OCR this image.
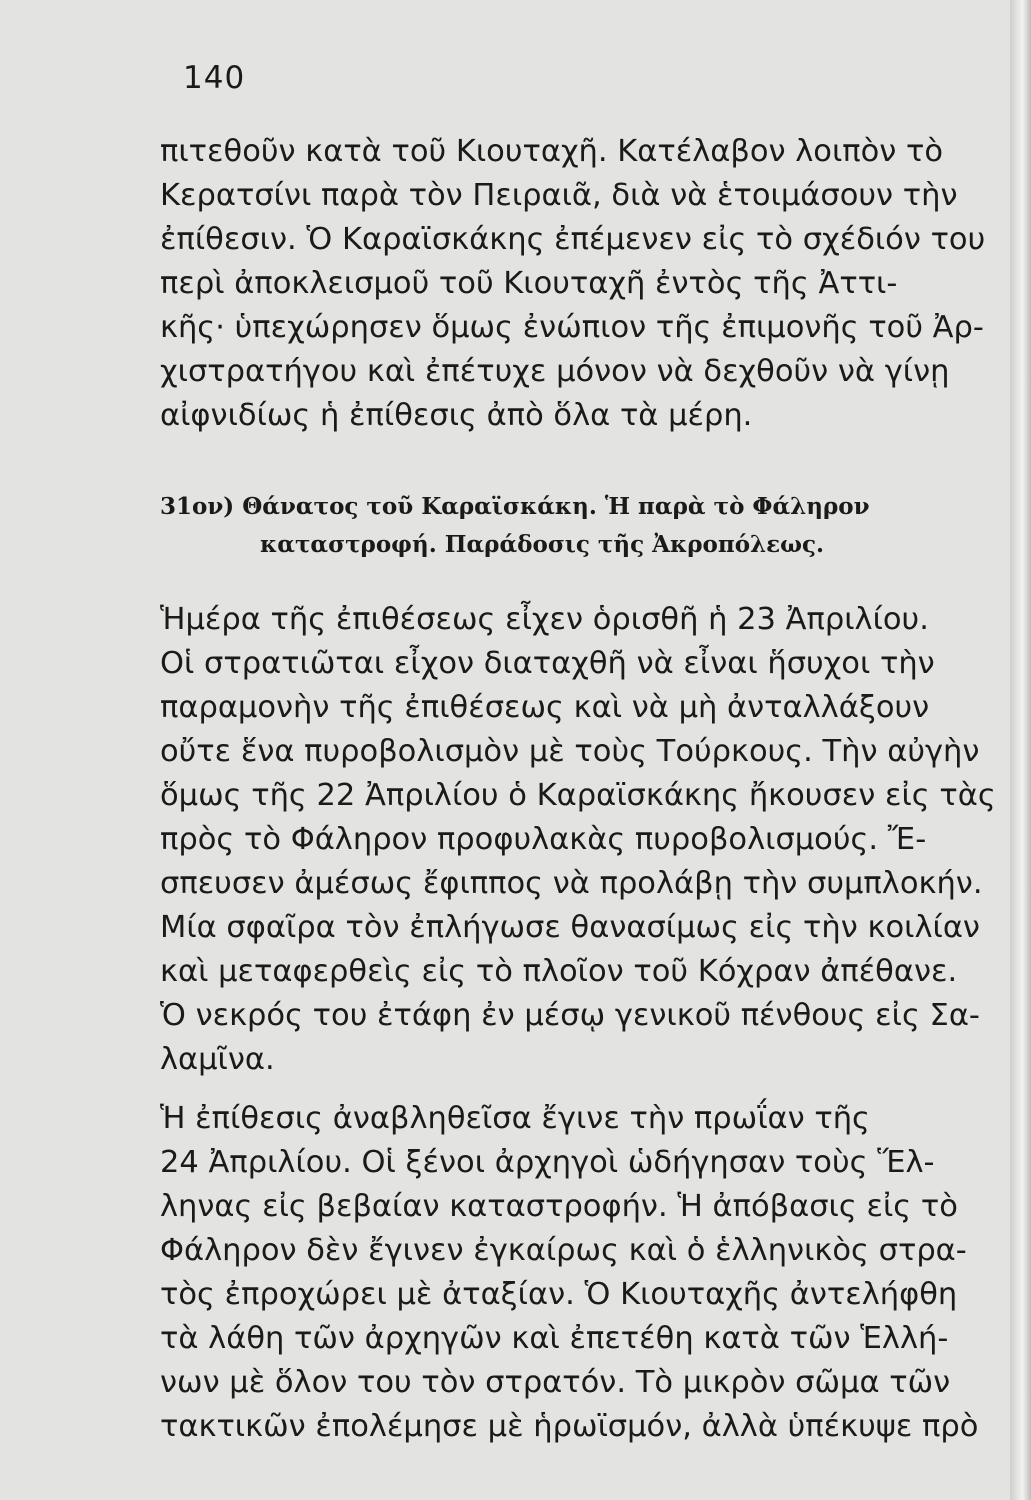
140
πιτεθοῦν κατὰ τοῦ Κιουταχῆ. Κατέλαβον λοιπὸν τὸ
Κερατσίνι παρὰ τὸν Πειραιᾶ, διὰ νὰ ἑτοιμάσουν τὴν
ἐπίθεσιν. Ὁ Καραϊσκάκης ἐπέμενεν εἰς τὸ σχέδιόν του
περὶ ἀποκλεισμοῦ τοῦ Κιουταχῆ ἐντὸς τῆς Ἀττι-
κῆς· ὑπεχώρησεν ὅμως ἐνώπιον τῆς ἐπιμονῆς τοῦ Ἀρ-
χιστρατήγου καὶ ἐπέτυχε μόνον νὰ δεχθοῦν νὰ γίνῃ
αἰφνιδίως ἡ ἐπίθεσις ἀπὸ ὅλα τὰ μέρη.
31ον) Θάνατος τοῦ Καραϊσκάκη. Ἡ παρὰ τὸ Φάληρον
καταστροφή. Παράδοσις τῆς Ἀκροπόλεως.
Ἡμέρα τῆς ἐπιθέσεως εἶχεν ὁρισθῆ ἡ 23 Ἀπριλίου.
Οἱ στρατιῶται εἶχον διαταχθῆ νὰ εἶναι ἥσυχοι τὴν
παραμονὴν τῆς ἐπιθέσεως καὶ νὰ μὴ ἀνταλλάξουν
οὔτε ἕνα πυροβολισμὸν μὲ τοὺς Τούρκους. Τὴν αὐγὴν
ὅμως τῆς 22 Ἀπριλίου ὁ Καραϊσκάκης ἤκουσεν εἰς τὰς
πρὸς τὸ Φάληρον προφυλακὰς πυροβολισμούς. Ἔ-
σπευσεν ἀμέσως ἔφιππος νὰ προλάβῃ τὴν συμπλοκήν.
Μία σφαῖρα τὸν ἐπλήγωσε θανασίμως εἰς τὴν κοιλίαν
καὶ μεταφερθεὶς εἰς τὸ πλοῖον τοῦ Κόχραν ἀπέθανε.
Ὁ νεκρός του ἐτάφη ἐν μέσῳ γενικοῦ πένθους εἰς Σα-
λαμῖνα.
Ἡ ἐπίθεσις ἀναβληθεῖσα ἔγινε τὴν πρωΐαν τῆς
24 Ἀπριλίου. Οἱ ξένοι ἀρχηγοὶ ὡδήγησαν τοὺς Ἕλ-
ληνας εἰς βεβαίαν καταστροφήν. Ἡ ἀπόβασις εἰς τὸ
Φάληρον δὲν ἔγινεν ἐγκαίρως καὶ ὁ ἑλληνικὸς στρα-
τὸς ἐπροχώρει μὲ ἀταξίαν. Ὁ Κιουταχῆς ἀντελήφθη
τὰ λάθη τῶν ἀρχηγῶν καὶ ἐπετέθη κατὰ τῶν Ἑλλή-
νων μὲ ὅλον του τὸν στρατόν. Τὸ μικρὸν σῶμα τῶν
τακτικῶν ἐπολέμησε μὲ ἡρωϊσμόν, ἀλλὰ ὑπέκυψε πρὸ
